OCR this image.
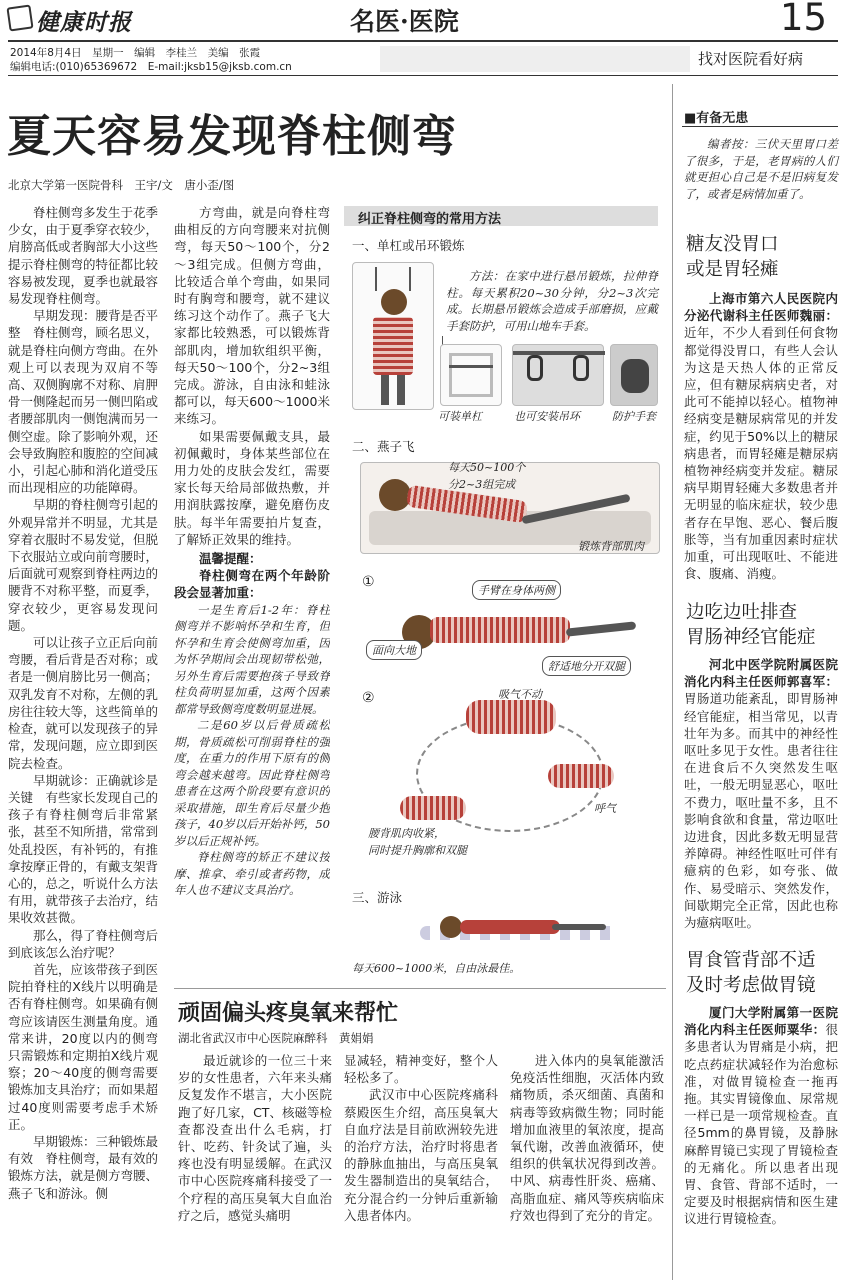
健康时报	名医·医院	15
2014年8月4日　星期一　编辑　李桂兰　美编　张霞
编辑电话:(010)65369672　E-mail:jksb15@jksb.com.cn	找对医院看好病
夏天容易发现脊柱侧弯
北京大学第一医院骨科　王宇/文　唐小歪/图

脊柱侧弯多发生于花季少女，由于夏季穿衣较少，肩膀高低或者胸部大小这些提示脊柱侧弯的特征都比较容易被发现，夏季也就最容易发现脊柱侧弯。

早期发现：腰背是否平整　脊柱侧弯，顾名思义，就是脊柱向侧方弯曲。在外观上可以表现为双肩不等高、双侧胸廓不对称、肩胛骨一侧隆起而另一侧凹陷或者腰部肌肉一侧饱满而另一侧空虚。除了影响外观，还会导致胸腔和腹腔的空间减小，引起心肺和消化道受压而出现相应的功能障碍。

早期的脊柱侧弯引起的外观异常并不明显，尤其是穿着衣服时不易发觉，但脱下衣服站立或向前弯腰时，后面就可观察到脊柱两边的腰背不对称平整，而夏季，穿衣较少，更容易发现问题。

可以让孩子立正后向前弯腰，看后背是否对称；或者是一侧肩膀比另一侧高；双乳发育不对称，左侧的乳房往往较大等，这些简单的检查，就可以发现孩子的异常，发现问题，应立即到医院去检查。

早期就诊：正确就诊是关键　有些家长发现自己的孩子有脊柱侧弯后非常紧张，甚至不知所措，常常到处乱投医，有补钙的，有推拿按摩正骨的，有戴支架背心的，总之，听说什么方法有用，就带孩子去治疗，结果收效甚微。

那么，得了脊柱侧弯后到底该怎么治疗呢？

首先，应该带孩子到医院拍脊柱的X线片以明确是否有脊柱侧弯。如果确有侧弯应该请医生测量角度。通常来讲，20度以内的侧弯只需锻炼和定期拍X线片观察；20～40度的侧弯需要锻炼加支具治疗；而如果超过40度则需要考虑手术矫正。

早期锻炼：三种锻炼最有效　脊柱侧弯，最有效的锻炼方法，就是侧方弯腰、燕子飞和游泳。侧

方弯曲，就是向脊柱弯曲相反的方向弯腰来对抗侧弯，每天50～100个，分2～3组完成。但侧方弯曲，比较适合单个弯曲，如果同时有胸弯和腰弯，就不建议练习这个动作了。燕子飞大家都比较熟悉，可以锻炼背部肌肉，增加软组织平衡，每天50～100个，分2~3组完成。游泳，自由泳和蛙泳都可以，每天600～1000米来练习。

如果需要佩戴支具，最初佩戴时，身体某些部位在用力处的皮肤会发红，需要家长每天给局部做热敷，并用润肤露按摩，避免磨伤皮肤。每半年需要拍片复查，了解矫正效果的维持。

温馨提醒：
脊柱侧弯在两个年龄阶段会显著加重：

一是生育后1-2年：脊柱侧弯并不影响怀孕和生育，但怀孕和生育会使侧弯加重，因为怀孕期间会出现韧带松弛，另外生育后需要抱孩子导致脊柱负荷明显加重，这两个因素都常导致侧弯度数明显进展。

二是60岁以后骨质疏松期，骨质疏松可削弱脊柱的强度，在重力的作用下原有的侧弯会越来越弯。因此脊柱侧弯患者在这两个阶段要有意识的采取措施，即生育后尽量少抱孩子，40岁以后开始补钙，50岁以后正规补钙。

脊柱侧弯的矫正不建议按摩、推拿、牵引或者药物，成年人也不建议支具治疗。

纠正脊柱侧弯的常用方法
一、单杠或吊环锻炼
方法：在家中进行悬吊锻炼，拉伸脊柱。每天累积20~30分钟，分2~3次完成。长期悬吊锻炼会造成手部磨损，应戴手套防护，可用山地车手套。
可装单杠	也可安装吊环	防护手套
二、燕子飞
每天50~100个
分2~3组完成
锻炼背部肌肉
①
手臂在身体两侧
面向大地
舒适地分开双腿
②	吸气不动
呼气
腰背肌肉收紧，
同时提升胸廓和双腿
三、游泳
每天600~1000米，自由泳最佳。
顽固偏头疼臭氧来帮忙
湖北省武汉市中心医院麻醉科　黄娟娟

最近就诊的一位三十来岁的女性患者，六年来头痛反复发作不堪言，大小医院跑了好几家，CT、核磁等检查都没查出什么毛病，打针、吃药、针灸试了遍，头疼也没有明显缓解。在武汉市中心医院疼痛科接受了一个疗程的高压臭氧大自血治疗之后，感觉头痛明

显减轻，精神变好，整个人轻松多了。

武汉市中心医院疼痛科蔡殿医生介绍，高压臭氧大自血疗法是目前欧洲较先进的治疗方法，治疗时将患者的静脉血抽出，与高压臭氧发生器制造出的臭氧结合，充分混合约一分钟后重新输入患者体内。

进入体内的臭氧能激活免疫活性细胞，灭活体内致痛物质，杀灭细菌、真菌和病毒等致病微生物；同时能增加血液里的氧浓度，提高氧代谢，改善血液循环，使组织的供氧状况得到改善。中风、病毒性肝炎、癌痛、高脂血症、痛风等疾病临床疗效也得到了充分的肯定。

■有备无患
编者按：三伏天里胃口差了很多，于是，老胃病的人们就更担心自己是不是旧病复发了，或者是病情加重了。
糖友没胃口
或是胃轻瘫

上海市第六人民医院内分泌代谢科主任医师魏丽：近年，不少人看到任何食物都觉得没胃口，有些人会认为这是天热人体的正常反应，但有糖尿病病史者，对此可不能掉以轻心。植物神经病变是糖尿病常见的并发症，约见于50%以上的糖尿病患者，而胃轻瘫是糖尿病植物神经病变并发症。糖尿病早期胃轻瘫大多数患者并无明显的临床症状，较少患者存在早饱、恶心、餐后腹胀等，当有加重因素时症状加重，可出现呕吐、不能进食、腹痛、消瘦。

边吃边吐排查
胃肠神经官能症

河北中医学院附属医院消化内科主任医师郭喜军：胃肠道功能紊乱，即胃肠神经官能症，相当常见，以青壮年为多。而其中的神经性呕吐多见于女性。患者往往在进食后不久突然发生呕吐，一般无明显恶心，呕吐不费力，呕吐量不多，且不影响食欲和食量，常边呕吐边进食，因此多数无明显营养障碍。神经性呕吐可伴有癔病的色彩，如夸张、做作、易受暗示、突然发作，间歇期完全正常，因此也称为癔病呕吐。

胃食管背部不适
及时考虑做胃镜

厦门大学附属第一医院消化内科主任医师粟华：很多患者认为胃痛是小病，把吃点药症状减轻作为治愈标准，对做胃镜检查一拖再拖。其实胃镜像血、尿常规一样已是一项常规检查。直径5mm的鼻胃镜，及静脉麻醉胃镜已实现了胃镜检查的无痛化。所以患者出现胃、食管、背部不适时，一定要及时根据病情和医生建议进行胃镜检查。
